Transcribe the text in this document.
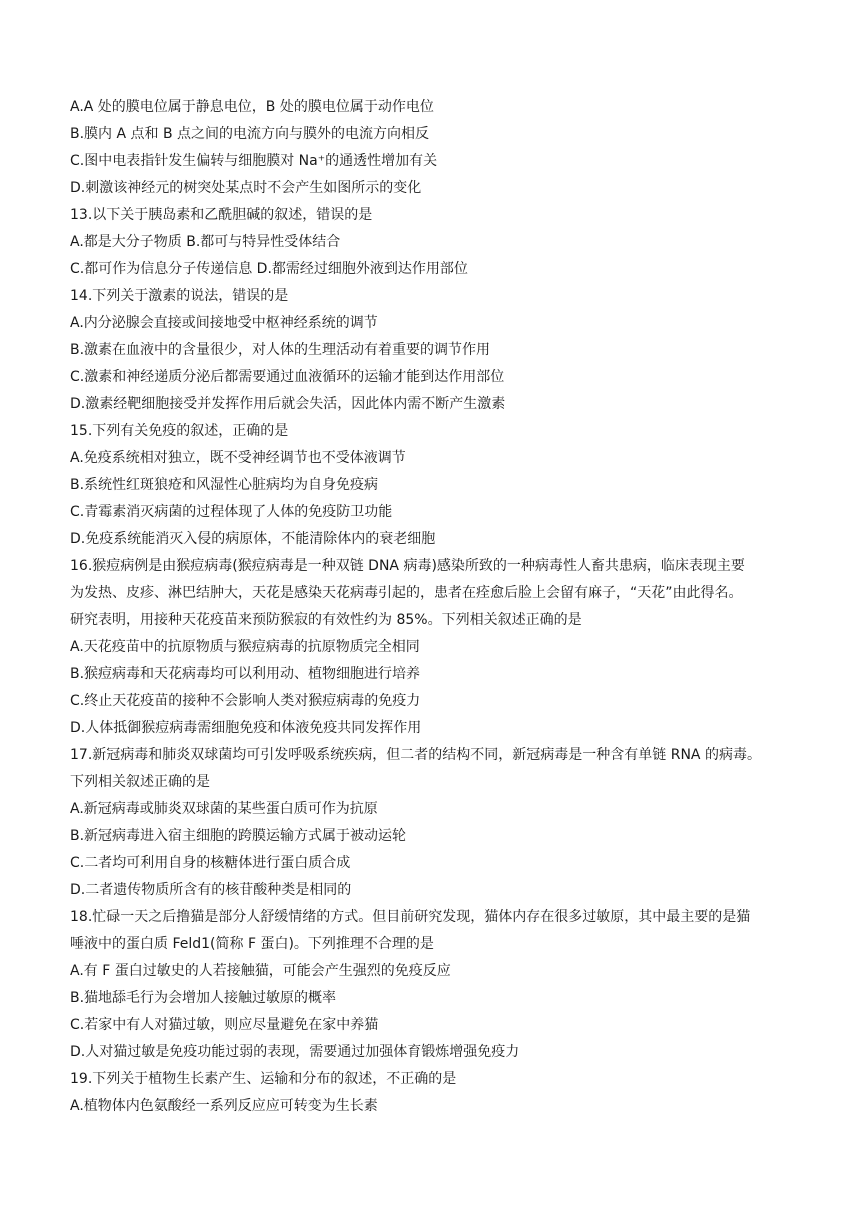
A.A 处的膜电位属于静息电位，B 处的膜电位属于动作电位
B.膜内 A 点和 B 点之间的电流方向与膜外的电流方向相反
C.图中电表指针发生偏转与细胞膜对 Na⁺的通透性增加有关
D.刺激该神经元的树突处某点时不会产生如图所示的变化
13.以下关于胰岛素和乙酰胆碱的叙述，错误的是
A.都是大分子物质 B.都可与特异性受体结合
C.都可作为信息分子传递信息 D.都需经过细胞外液到达作用部位
14.下列关于激素的说法，错误的是
A.内分泌腺会直接或间接地受中枢神经系统的调节
B.激素在血液中的含量很少，对人体的生理活动有着重要的调节作用
C.激素和神经递质分泌后都需要通过血液循环的运输才能到达作用部位
D.激素经靶细胞接受并发挥作用后就会失活，因此体内需不断产生激素
15.下列有关免疫的叙述，正确的是
A.免疫系统相对独立，既不受神经调节也不受体液调节
B.系统性红斑狼疮和风湿性心脏病均为自身免疫病
C.青霉素消灭病菌的过程体现了人体的免疫防卫功能
D.免疫系统能消灭入侵的病原体，不能清除体内的衰老细胞
16.猴痘病例是由猴痘病毒(猴痘病毒是一种双链 DNA 病毒)感染所致的一种病毒性人畜共患病，临床表现主要
为发热、皮疹、淋巴结肿大，天花是感染天花病毒引起的，患者在痊愈后脸上会留有麻子，“天花”由此得名。
研究表明，用接种天花疫苗来预防猴寂的有效性约为 85%。下列相关叙述正确的是
A.天花疫苗中的抗原物质与猴痘病毒的抗原物质完全相同
B.猴痘病毒和天花病毒均可以利用动、植物细胞进行培养
C.终止天花疫苗的接种不会影响人类对猴痘病毒的免疫力
D.人体抵御猴痘病毒需细胞免疫和体液免疫共同发挥作用
17.新冠病毒和肺炎双球菌均可引发呼吸系统疾病，但二者的结构不同，新冠病毒是一种含有单链 RNA 的病毒。
下列相关叙述正确的是
A.新冠病毒或肺炎双球菌的某些蛋白质可作为抗原
B.新冠病毒进入宿主细胞的跨膜运输方式属于被动运轮
C.二者均可利用自身的核糖体进行蛋白质合成
D.二者遗传物质所含有的核苷酸种类是相同的
18.忙碌一天之后撸猫是部分人舒缓情绪的方式。但目前研究发现，猫体内存在很多过敏原，其中最主要的是猫
唾液中的蛋白质 Feld1(简称 F 蛋白)。下列推理不合理的是
A.有 F 蛋白过敏史的人若接触猫，可能会产生强烈的免疫反应
B.猫地舔毛行为会增加人接触过敏原的概率
C.若家中有人对猫过敏，则应尽量避免在家中养猫
D.人对猫过敏是免疫功能过弱的表现，需要通过加强体育锻炼增强免疫力
19.下列关于植物生长素产生、运输和分布的叙述，不正确的是
A.植物体内色氨酸经一系列反应应可转变为生长素
